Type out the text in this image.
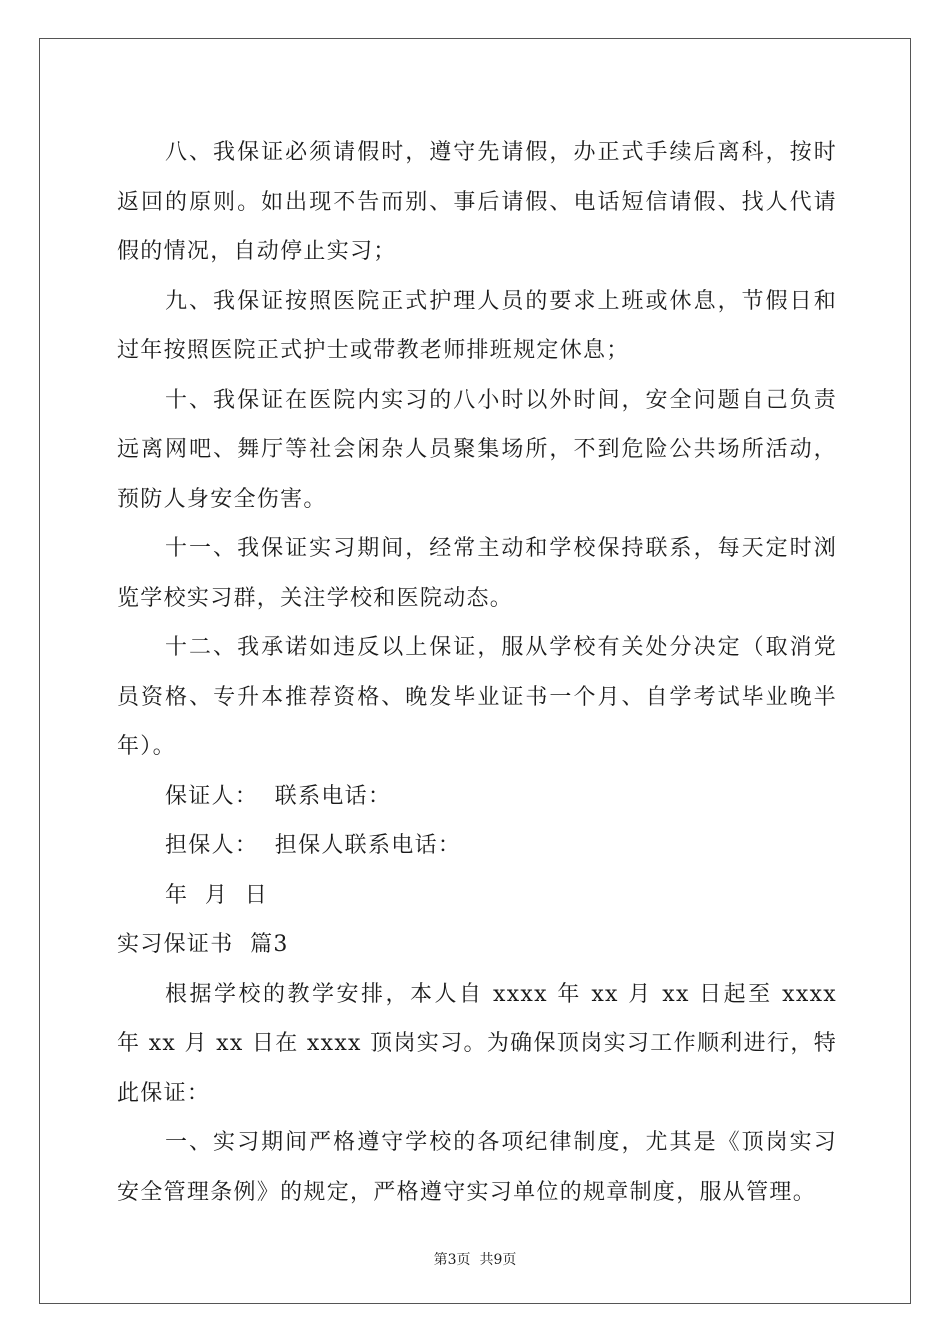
八、我保证必须请假时，遵守先请假，办正式手续后离科，按时返回的原则。如出现不告而别、事后请假、电话短信请假、找人代请假的情况，自动停止实习；

九、我保证按照医院正式护理人员的要求上班或休息，节假日和过年按照医院正式护士或带教老师排班规定休息；

十、我保证在医院内实习的八小时以外时间，安全问题自己负责远离网吧、舞厅等社会闲杂人员聚集场所，不到危险公共场所活动，预防人身安全伤害。

十一、我保证实习期间，经常主动和学校保持联系，每天定时浏览学校实习群，关注学校和医院动态。

十二、我承诺如违反以上保证，服从学校有关处分决定（取消党员资格、专升本推荐资格、晚发毕业证书一个月、自学考试毕业晚半年）。

保证人：  联系电话：

担保人：  担保人联系电话：

年  月  日

实习保证书  篇3

根据学校的教学安排，本人自 xxxx 年 xx 月 xx 日起至 xxxx 年 xx 月 xx 日在 xxxx 顶岗实习。为确保顶岗实习工作顺利进行，特此保证：

一、实习期间严格遵守学校的各项纪律制度，尤其是《顶岗实习安全管理条例》的规定，严格遵守实习单位的规章制度，服从管理。

第3页  共9页
